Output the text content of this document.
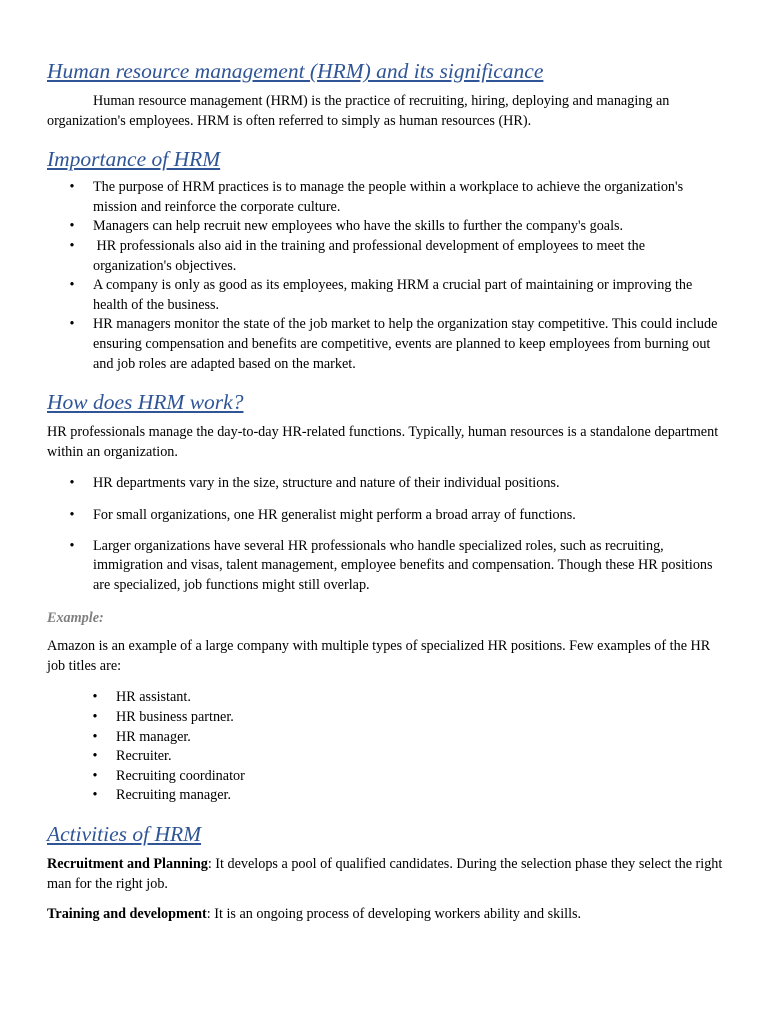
Human resource management (HRM) and its significance

Human resource management (HRM) is the practice of recruiting, hiring, deploying and managing an organization's employees. HRM is often referred to simply as human resources (HR).

Importance of HRM
• The purpose of HRM practices is to manage the people within a workplace to achieve the organization's mission and reinforce the corporate culture.
• Managers can help recruit new employees who have the skills to further the company's goals.
• HR professionals also aid in the training and professional development of employees to meet the organization's objectives.
• A company is only as good as its employees, making HRM a crucial part of maintaining or improving the health of the business.
• HR managers monitor the state of the job market to help the organization stay competitive. This could include ensuring compensation and benefits are competitive, events are planned to keep employees from burning out and job roles are adapted based on the market.
How does HRM work?

HR professionals manage the day-to-day HR-related functions. Typically, human resources is a standalone department within an organization.

• HR departments vary in the size, structure and nature of their individual positions.
• For small organizations, one HR generalist might perform a broad array of functions.
• Larger organizations have several HR professionals who handle specialized roles, such as recruiting, immigration and visas, talent management, employee benefits and compensation. Though these HR positions are specialized, job functions might still overlap.

Example:

Amazon is an example of a large company with multiple types of specialized HR positions. Few examples of the HR job titles are:

• HR assistant.
• HR business partner.
• HR manager.
• Recruiter.
• Recruiting coordinator
• Recruiting manager.
Activities of HRM

Recruitment and Planning: It develops a pool of qualified candidates. During the selection phase they select the right man for the right job.

Training and development: It is an ongoing process of developing workers ability and skills.
